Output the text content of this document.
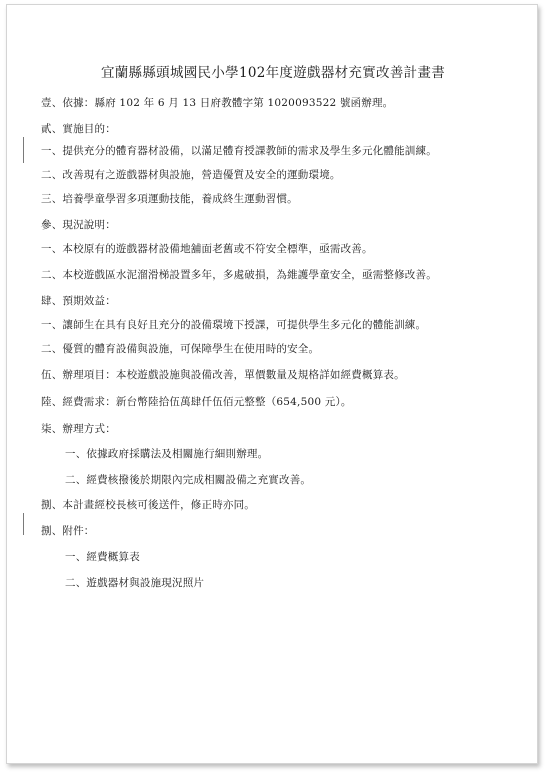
宜蘭縣縣頭城國民小學102年度遊戲器材充實改善計畫書
壹、依據：縣府 102 年 6 月 13 日府教體字第 1020093522 號函辦理。
貳、實施目的：
一、提供充分的體育器材設備，以滿足體育授課教師的需求及學生多元化體能訓練。
二、改善現有之遊戲器材與設施，營造優質及安全的運動環境。
三、培養學童學習多項運動技能，養成終生運動習慣。
參、現況說明：
一、本校原有的遊戲器材設備地舖面老舊或不符安全標準，亟需改善。
二、本校遊戲區水泥溜滑梯設置多年，多處破損，為維護學童安全，亟需整修改善。
肆、預期效益：
一、讓師生在具有良好且充分的設備環境下授課，可提供學生多元化的體能訓練。
二、優質的體育設備與設施，可保障學生在使用時的安全。
伍、辦理項目：本校遊戲設施與設備改善，單價數量及規格詳如經費概算表。
陸、經費需求：新台幣陸拾伍萬肆仟伍佰元整整（654,500 元）。
柒、辦理方式：
一、依據政府採購法及相關施行細則辦理。
二、經費核撥後於期限內完成相關設備之充實改善。
捌、本計畫經校長核可後送件，修正時亦同。
捌、附件：
一、經費概算表
二、遊戲器材與設施現況照片
